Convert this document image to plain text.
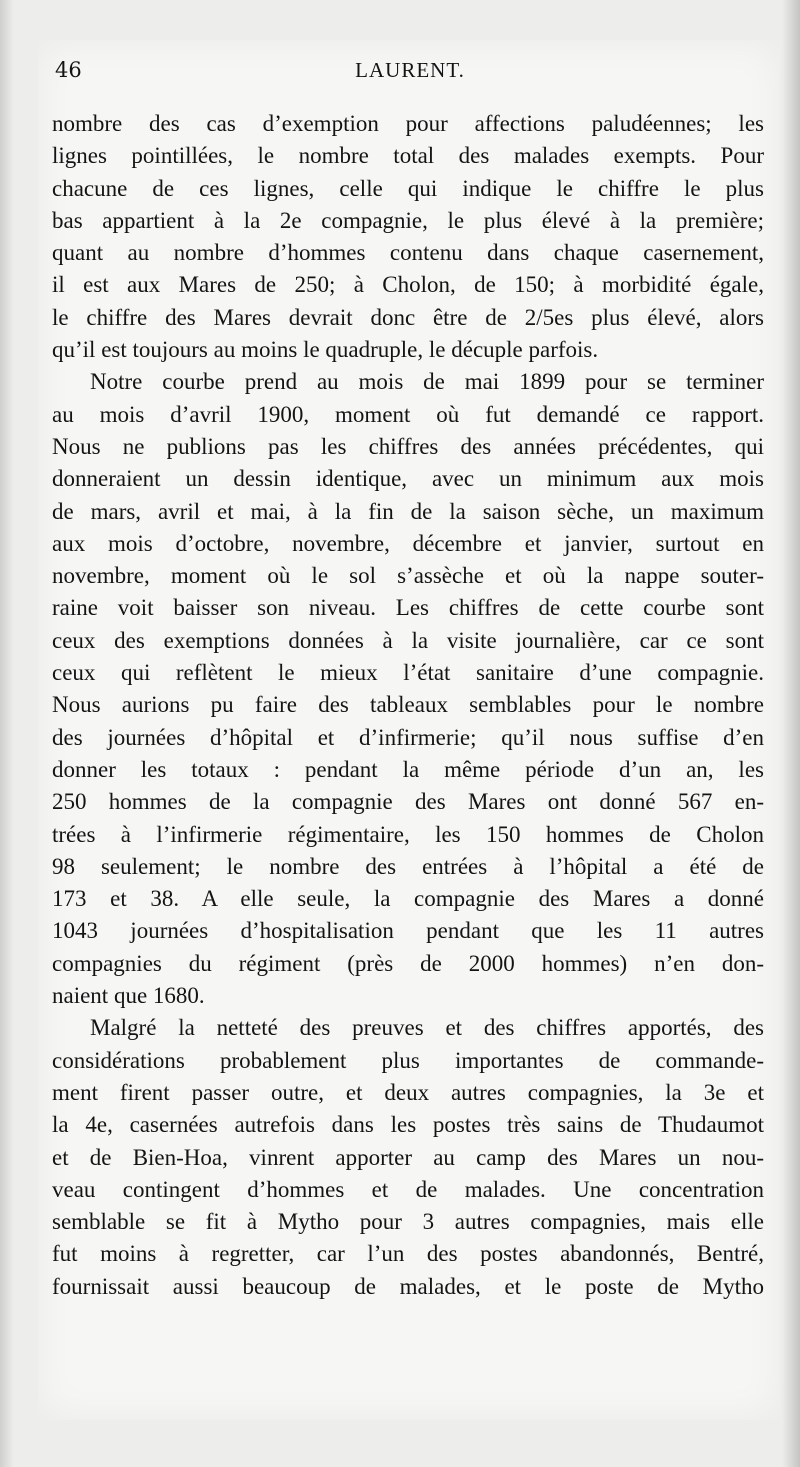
46	LAURENT.
nombre des cas d’exemption pour affections paludéennes; les
lignes pointillées, le nombre total des malades exempts. Pour
chacune de ces lignes, celle qui indique le chiffre le plus
bas appartient à la 2e compagnie, le plus élevé à la première;
quant au nombre d’hommes contenu dans chaque casernement,
il est aux Mares de 250; à Cholon, de 150; à morbidité égale,
le chiffre des Mares devrait donc être de 2/5es plus élevé, alors
qu’il est toujours au moins le quadruple, le décuple parfois.
Notre courbe prend au mois de mai 1899 pour se terminer
au mois d’avril 1900, moment où fut demandé ce rapport.
Nous ne publions pas les chiffres des années précédentes, qui
donneraient un dessin identique, avec un minimum aux mois
de mars, avril et mai, à la fin de la saison sèche, un maximum
aux mois d’octobre, novembre, décembre et janvier, surtout en
novembre, moment où le sol s’assèche et où la nappe souter-
raine voit baisser son niveau. Les chiffres de cette courbe sont
ceux des exemptions données à la visite journalière, car ce sont
ceux qui reflètent le mieux l’état sanitaire d’une compagnie.
Nous aurions pu faire des tableaux semblables pour le nombre
des journées d’hôpital et d’infirmerie; qu’il nous suffise d’en
donner les totaux : pendant la même période d’un an, les
250 hommes de la compagnie des Mares ont donné 567 en-
trées à l’infirmerie régimentaire, les 150 hommes de Cholon
98 seulement; le nombre des entrées à l’hôpital a été de
173 et 38. A elle seule, la compagnie des Mares a donné
1043 journées d’hospitalisation pendant que les 11 autres
compagnies du régiment (près de 2000 hommes) n’en don-
naient que 1680.
Malgré la netteté des preuves et des chiffres apportés, des
considérations probablement plus importantes de commande-
ment firent passer outre, et deux autres compagnies, la 3e et
la 4e, casernées autrefois dans les postes très sains de Thudaumot
et de Bien-Hoa, vinrent apporter au camp des Mares un nou-
veau contingent d’hommes et de malades. Une concentration
semblable se fit à Mytho pour 3 autres compagnies, mais elle
fut moins à regretter, car l’un des postes abandonnés, Bentré,
fournissait aussi beaucoup de malades, et le poste de Mytho
